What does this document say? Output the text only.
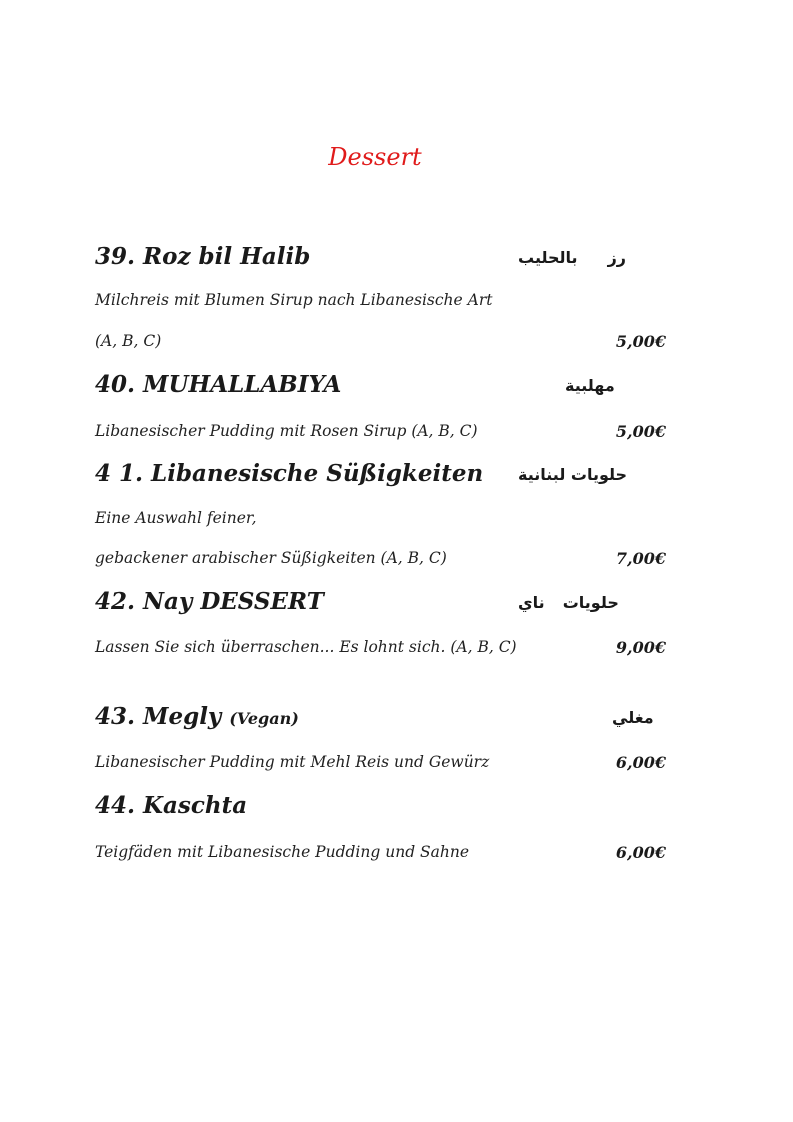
Dessert
39. Roz bil Halib	رزبالحليب
Milchreis mit Blumen Sirup nach Libanesische Art
(A, B, C)	5,00€
40. MUHALLABIYA	مهلبية
Libanesischer Pudding mit Rosen Sirup (A, B, C)	5,00€
4 1. Libanesische Süßigkeiten حلويات لبنانية
Eine Auswahl feiner,
gebackener arabischer Süßigkeiten (A, B, C)	7,00€
42. Nay DESSERT	حلوياتناي
Lassen Sie sich überraschen... Es lohnt sich. (A, B, C)	9,00€
43. Megly (Vegan)	مغلي
Libanesischer Pudding mit Mehl Reis und Gewürz	6,00€
44. Kaschta
Teigfäden mit Libanesische Pudding und Sahne	6,00€
